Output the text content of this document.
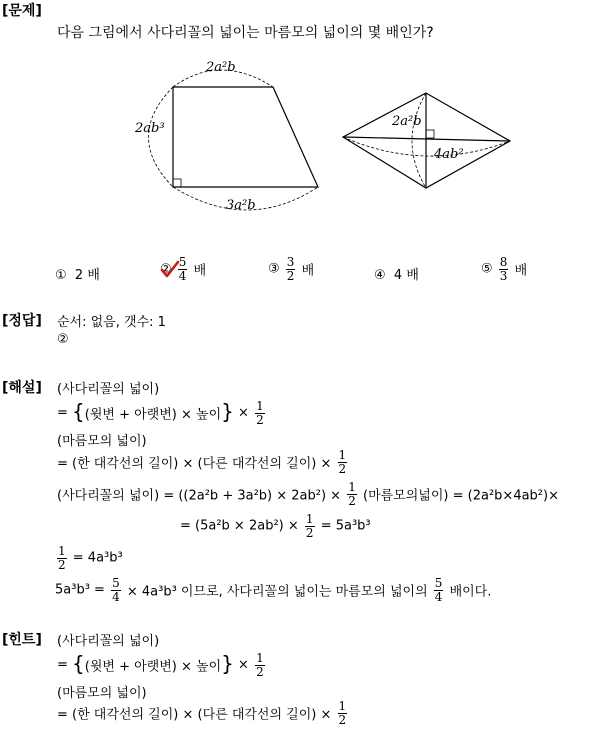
[문제]
다음 그림에서 사다리꼴의 넓이는 마름모의 넓이의 몇 배인가?
2a²b
2ab³
3a²b
2a²b
4ab²
① 2 배	②
$\frac{5}{4}$ 배	③ $\frac{3}{2}$ 배	④ 4 배	⑤ $\frac{8}{3}$ 배
[정답] 순서: 없음, 갯수: 1
②
[해설] (사다리꼴의 넓이)
= {(윗변 + 아랫변) × 높이} × $\frac{1}{2}$
(마름모의 넓이)
= (한 대각선의 길이) × (다른 대각선의 길이) × $\frac{1}{2}$
(사다리꼴의 넓이) = $((2a^2b + 3a^2b) \times 2ab^2) \times \frac{1}{2}$ (마름모의넓이) = (2a²b×4ab²)×
= $(5a^2b \times 2ab^2) \times \frac{1}{2} = 5a^3b^3$
$\frac{1}{2} = 4a^3b^3$
$5a^3b^3 = \frac{5}{4} \times 4a^3b^3$ 이므로, 사다리꼴의 넓이는 마름모의 넓이의 $\frac{5}{4}$ 배이다.
[힌트] (사다리꼴의 넓이)
= {(윗변 + 아랫변) × 높이} × $\frac{1}{2}$
(마름모의 넓이)
= (한 대각선의 길이) × (다른 대각선의 길이) × $\frac{1}{2}$
